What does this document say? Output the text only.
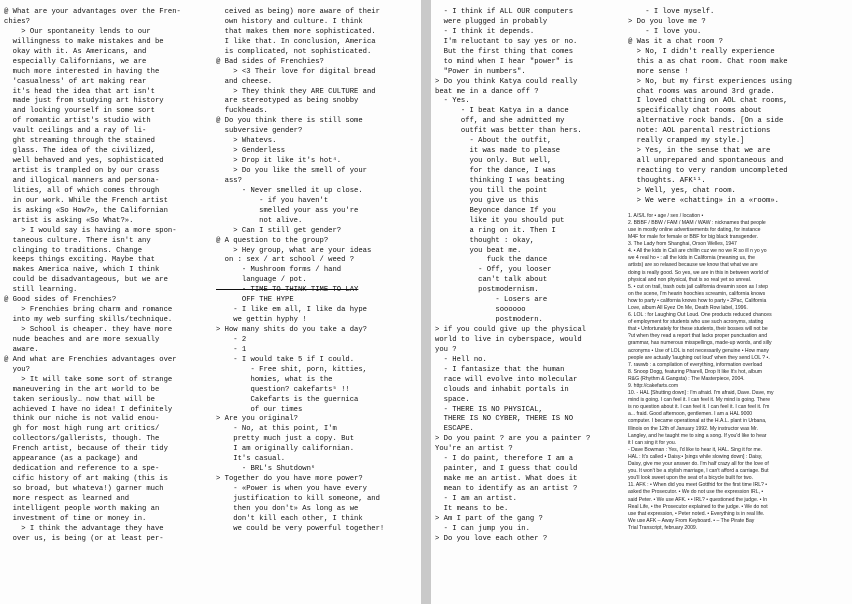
@ What are your advantages over the Fren-
chies?
> Our spontaneity lends to our
willingness to make mistakes and be
okay with it. As Americans, and
especially Californians, we are
much more interested in having the
'casualness' of art making rear
it's head the idea that art isn't
made just from studying art history
and locking yourself in some sort
of romantic artist's studio with
vault ceilings and a ray of li-
ght streaming through the stained
glass. The idea of the civilized,
well behaved and yes, sophisticated
artist is trampled on by our crass
and illogical manners and persona-
lities, all of which comes through
in our work. While the French artist
is asking «So How?», the Californian
artist is asking «So What?».
> I would say is having a more spon-
taneous culture. There isn't any
clinging to traditions. Change
keeps things exciting. Maybe that
makes America naive, which I think
could be disadvantageous, but we are
still learning.
@ Good sides of Frenchies?
> Frenchies bring charm and romance
into my web surfing skills/technique.
> School is cheaper. they have more
nude beaches and are more sexually
aware.
@ And what are Frenchies advantages over
you?
> It will take some sort of strange
maneuvering in the art world to be
taken seriously… now that will be
achieved I have no idea! I definitely
think our niche is not valid enou-
gh for most high rung art critics/
collectors/gallerists, though. The
French artist, because of their tidy
appearance (as a package) and
dedication and reference to a spe-
cific history of art making (this is
so broad, but whateva!) garner much
more respect as learned and
intelligent people worth making an
investment of time or money in.
> I think the advantage they have
over us, is being (or at least per-
ceived as being) more aware of their
own history and culture. I think
that makes them more sophisticated.
I like that. In conclusion, America
is complicated, not sophisticated.
@ Bad sides of Frenchies?
> <3 Their love for digital bread
and cheese.
> They think they ARE CULTURE and
are stereotyped as being snobby
fuckheads.
@ Do you think there is still some
subversive gender?
> Whatevs.
> Genderless
> Drop it like it's hot⁴.
> Do you like the smell of your
ass?
- Never smelled it up close.
- if you haven't
smelled your ass you're
not alive.
> Can I still get gender?
@ A question to the group?
> Hey group, what are your ideas
on : sex / art school / weed ?
- Mushroom forms / hand
language / pot.
- TIME TO THINK TIME TO LAY
OFF THE HYPE
- I like em all, I like da hype
we gettin hyphy !
> How many shits do you take a day?
- 2
- 1
- I would take 5 if I could.
- Free shit, porn, kitties,
homies, what is the
question? cakefarts⁵ !!
Cakefarts is the guernica
of our times
> Are you original?
- No, at this point, I'm
pretty much just a copy. But
I am originally californian.
It's casual.
- BRL's Shutdown⁶
> Together do you have more power?
- «Power is when you have every
justification to kill someone, and
then you don't» As long as we
don't kill each other, I think
we could be very powerful together!
- I think if ALL OUR computers
were plugged in probably
- I think it depends.
I'm reluctant to say yes or no.
But the first thing that comes
to mind when I hear "power" is
"Power in numbers".
> Do you think Katya could really
beat me in a dance off ?
- Yes.
- I beat Katya in a dance
off, and she admitted my
outfit was better than hers.
- About the outfit,
it was made to please
you only. But well,
for the dance, I was
thinking I was beating
you till the point
you give us this
Beyonce dance If you
like it you should put
a ring on it. Then I
thought : okay,
you beat me.
fuck the dance
- Off, you looser
can't talk about
postmodernism.
- Losers are
soooooo
postmodern.
> if you could give up the physical
world to live in cyberspace, would
you ?
- Hell no.
- I fantasize that the human
race will evolve into molecular
clouds and inhabit portals in
space.
- THERE IS NO PHYSICAL,
THERE IS NO CYBER, THERE IS NO
ESCAPE.
> Do you paint ? are you a painter ?
You're an artist ?
- I do paint, therefore I am a
painter, and I guess that could
make me an artist. What does it
mean to identify as an artist ?
- I am an artist.
It means to be.
> Am I part of the gang ?
- I can jump you in.
> Do you love each other ?
- I love myself.
> Do you love me ?
- I love you.
@ Was it a chat room ?
> No, I didn't really experience
this a as chat room. Chat room make
more sense !
> No, but my first experiences using
chat rooms was around 3rd grade.
I loved chatting on AOL chat rooms,
specifically chat rooms about
alternative rock bands. [On a side
note: AOL parental restrictions
really cramped my style.]
> Yes, in the sense that we are
all unprepared and spontaneous and
reacting to very random uncompleted
thoughts. AFK¹¹.
> Well, yes, chat room.
> We were «chatting» in a «room».
1. A/S/L for • age / sex / location •
2. BBBF / BBW / FAM / MAM / WAW : nicknames that people
use in mostly online advertisements for dating, for instance
M4F for male for female or BBF for big black transgender.
3. The Lady from Shanghai, Orson Welles, 1947
4. • All the kids in Cali are chillin cuz we no we R so ill n yo yo
we 4 real ho • : all the kids in California (meaning us, the
artists) are so relaxed because we know that what we are
doing is really good. So yes, we are in this in between world of
physical and non physical, that is so real yet so unreal.
5. • cut on trail, trash outs jail california dreamin soon as I step
on the scene, I'm hearin hoochies screamin, california knows
how to party • california knows how to party • 2Pac, California
Love, album All Eyez On Me, Death Row label, 1996.
6. LOL : for Laughing Out Loud. One products reduced chances
of employment for students who use such acronyms, stating
that • Unfortunately for these students, their bosses will not be
?ut when they read a report that lacks proper punctuation and
grammar, has numerous misspellings, made-up words, and silly
acronyms • Use of LOL is not necessarily genuine • How many
people are actually 'laughing out loud' when they send LOL ? •.
7. rawwb : a compilation of everything, information overload
8. Snoop Dogg, featuring Pharell, Drop It like It's hot, album
R&G (Rhythm & Gangsta) : The Masterpiece, 2004.
9. http://cakefarts.com
10. - HAL [Shutting down] : I'm afraid. I'm afraid, Dave. Dave, my
mind is going. I can feel it. I can feel it. My mind is going. There
is no question about it. I can feel it. I can feel it. I can feel it. I'm
a... fraid. Good afternoon, gentlemen. I am a HAL 9000
computer. I became operational at the H.A.L. plant in Urbana,
Illinois on the 12th of January 1992. My instructor was Mr.
Langley, and he taught me to sing a song. If you'd like to hear
it I can sing it for you.
- Dave Bowman : Yes, I'd like to hear it, HAL. Sing it for me.
HAL : It's called • Daisy.• [sings while slowing down] : Daisy,
Daisy, give me your answer do. I'm half crazy all for the love of
you. It won't be a stylish marriage, I can't afford a carriage. But
you'll look sweet upon the seat of a bicycle built for two.
11. AFK : • When did you meet Gottfrid for the first time IRL? •
asked the Prosecutor. • We do not use the expression IRL, •
said Peter. • We use AFK. • • IRL? • questioned the judge. • In
Real Life, • the Prosecutor explained to the judge. • We do not
use that expression, • Peter noted. • Everything is in real life.
We use AFK – Away From Keyboard. • – The Pirate Bay
Trial Transcript, february 2009.
